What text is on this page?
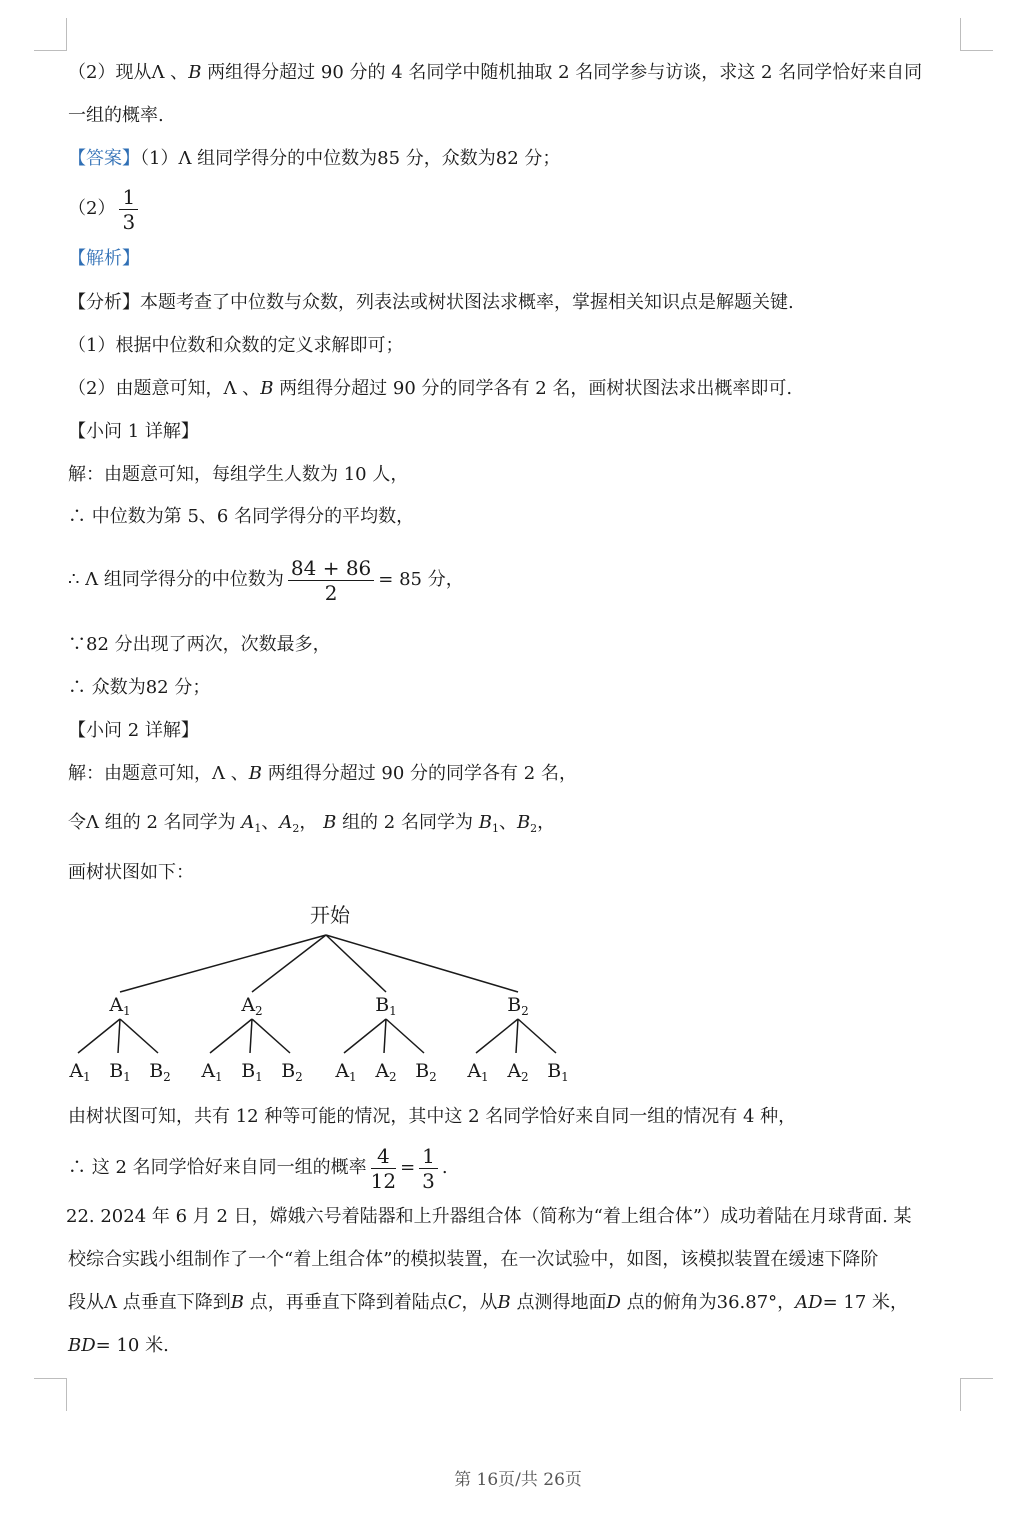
（2）现从Λ 、B 两组得分超过 90 分的 4 名同学中随机抽取 2 名同学参与访谈，求这 2 名同学恰好来自同
一组的概率.
【答案】（1）Λ 组同学得分的中位数为85 分，众数为82 分；
$(2) \frac{1}{3}$
【解析】
【分析】本题考查了中位数与众数，列表法或树状图法求概率，掌握相关知识点是解题关键.
（1）根据中位数和众数的定义求解即可；
（2）由题意可知，Λ 、B 两组得分超过 90 分的同学各有 2 名，画树状图法求出概率即可.
【小问 1 详解】
解：由题意可知，每组学生人数为 10 人，
∴ 中位数为第 5、6 名同学得分的平均数，
∴ Λ 组同学得分的中位数为 $\frac{84 + 86}{2} = 85$ 分，
∵82 分出现了两次，次数最多，
∴ 众数为82 分；
【小问 2 详解】
解：由题意可知，Λ 、B 两组得分超过 90 分的同学各有 2 名，
令Λ 组的 2 名同学为 $A_1$、$A_2$， B 组的 2 名同学为 $B_1$、$B_2$，
画树状图如下：
开始
$A_1$	$A_2$	$B_1$	$B_2$
$A_1$ $B_1$ $B_2$ $A_1$ $B_1$ $B_2$ $A_1$ $A_2$ $B_2$ $A_1$ $A_2$ $B_1$
由树状图可知，共有 12 种等可能的情况，其中这 2 名同学恰好来自同一组的情况有 4 种，
∴ 这 2 名同学恰好来自同一组的概率 $\frac{4}{12} = \frac{1}{3}$ .
22. 2024 年 6 月 2 日，嫦娥六号着陆器和上升器组合体（简称为“着上组合体”）成功着陆在月球背面. 某
校综合实践小组制作了一个“着上组合体”的模拟装置，在一次试验中，如图，该模拟装置在缓速下降阶
段从Λ 点垂直下降到B 点，再垂直下降到着陆点C，从B 点测得地面D 点的俯角为36.87°，AD= 17 米，
BD= 10 米.
第 16页/共 26页
